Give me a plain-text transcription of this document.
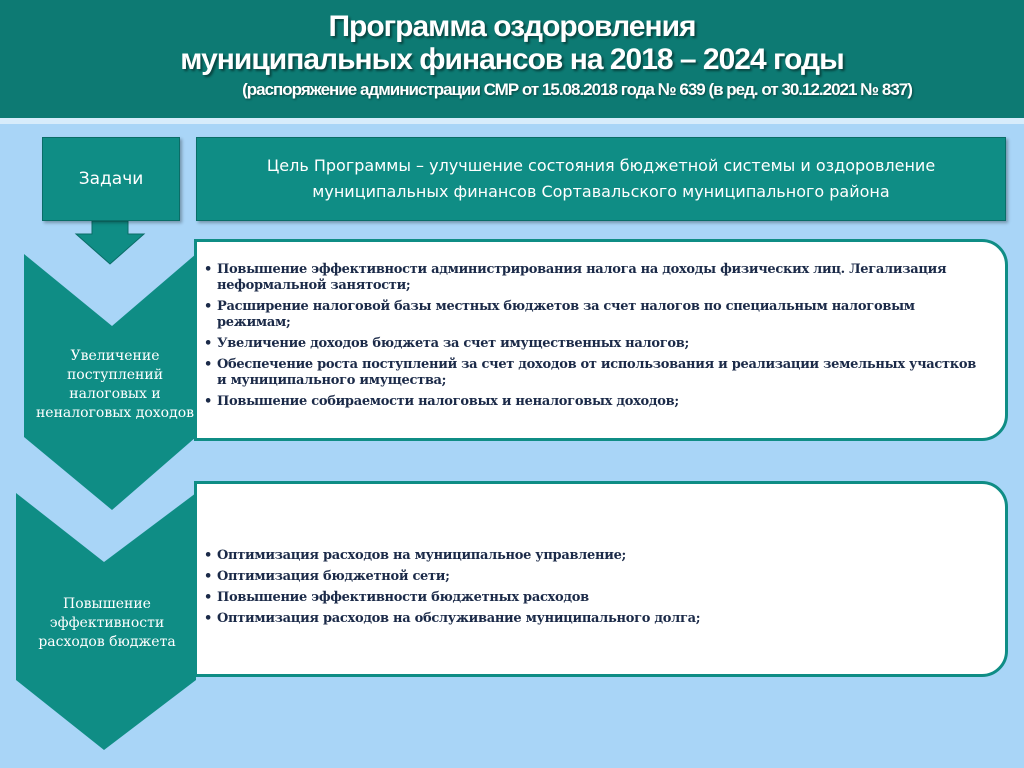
Программа оздоровления
муниципальных финансов на 2018 – 2024 годы
(распоряжение администрации СМР от 15.08.2018 года № 639 (в ред. от 30.12.2021 № 837)
Задачи
Цель Программы – улучшение состояния бюджетной системы и оздоровление муниципальных финансов Сортавальского муниципального района
Увеличение
поступлений
налоговых и
неналоговых доходов
Повышение
эффективности
расходов бюджета
• Повышение эффективности администрирования налога на доходы физических лиц. Легализация неформальной занятости;
• Расширение налоговой базы местных бюджетов за счет налогов по специальным налоговым режимам;
• Увеличение доходов бюджета за счет имущественных налогов;
• Обеспечение роста поступлений за счет доходов от использования и реализации земельных участков и муниципального имущества;
• Повышение собираемости налоговых и неналоговых доходов;
• Оптимизация расходов на муниципальное управление;
• Оптимизация бюджетной сети;
• Повышение эффективности бюджетных расходов
• Оптимизация расходов на обслуживание муниципального долга;
